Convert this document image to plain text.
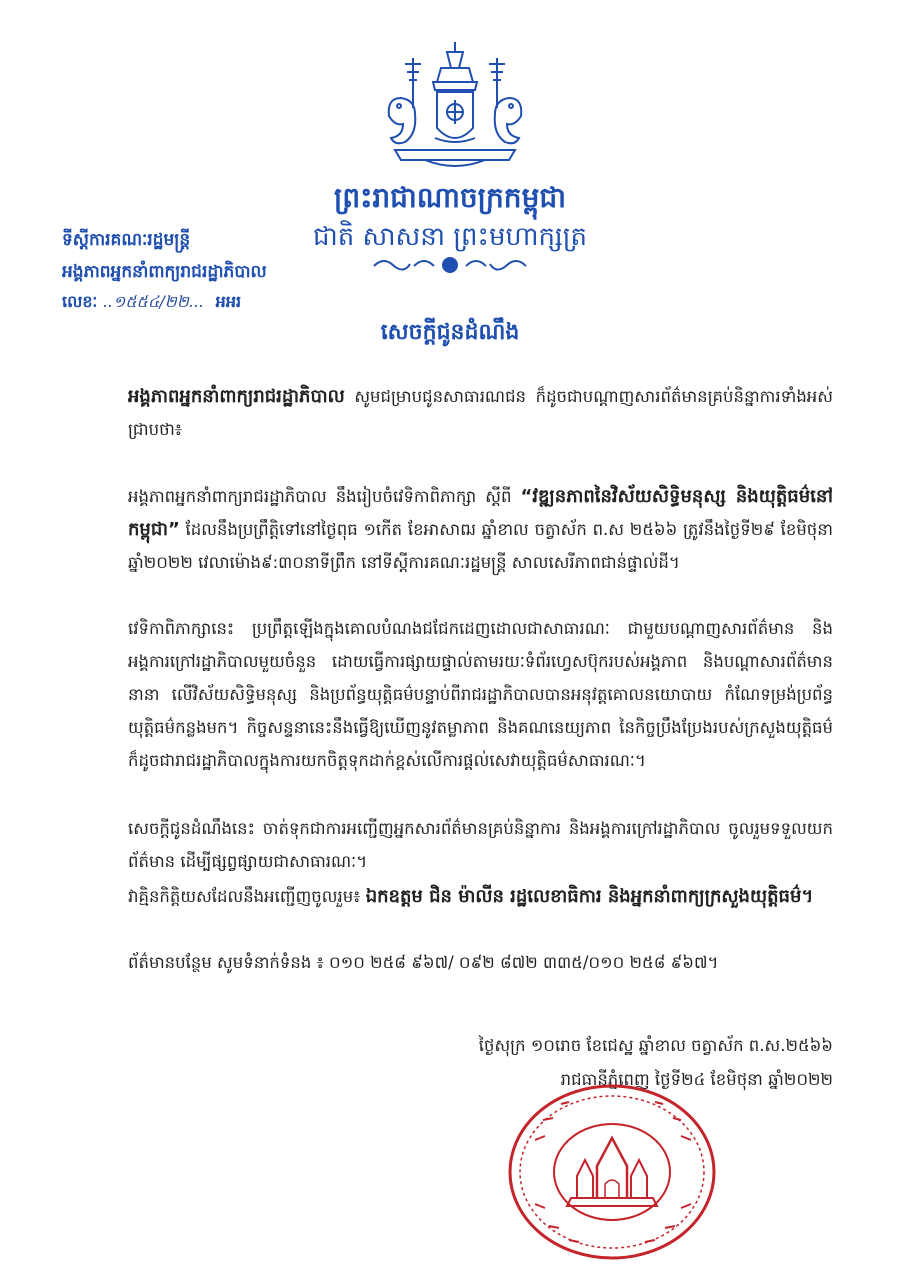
ព្រះរាជាណាចក្រកម្ពុជា
ជាតិ សាសនា ព្រះមហាក្សត្រ
ទីស្តីការគណៈរដ្ឋមន្ត្រី
អង្គភាពអ្នកនាំពាក្យរាជរដ្ឋាភិបាល
លេខៈ ..១៥៥៤/២២... អអរ
សេចក្តីជូនដំណឹង
អង្គភាពអ្នកនាំពាក្យរាជរដ្ឋាភិបាល សូមជម្រាបជូនសាធារណជន ក៏ដូចជាបណ្តាញសារព័ត៌មានគ្រប់និន្នាការទាំងអស់ជ្រាបថា៖
អង្គភាពអ្នកនាំពាក្យរាជរដ្ឋាភិបាល នឹងរៀបចំវេទិកាពិភាក្សា ស្តីពី “វឌ្ឍនភាពនៃវិស័យសិទ្ធិមនុស្ស និងយុត្តិធម៌នៅកម្ពុជា” ដែលនឹងប្រព្រឹត្តិទៅនៅថ្ងៃពុធ ១កើត ខែអាសាឍ ឆ្នាំខាល ចត្វាស័ក ព.ស ២៥៦៦ ត្រូវនឹងថ្ងៃទី២៩ ខែមិថុនា ឆ្នាំ២០២២ វេលាម៉ោង៩:៣០នាទីព្រឹក នៅទីស្តីការគណៈរដ្ឋមន្ត្រី សាលសេរីភាពជាន់ផ្ទាល់ដី។
វេទិកាពិភាក្សានេះ ប្រព្រឹត្តឡើងក្នុងគោលបំណងជជែកដេញដោលជាសាធារណៈ ជាមួយបណ្តាញសារព័ត៌មាន និងអង្គការក្រៅរដ្ឋាភិបាលមួយចំនួន ដោយធ្វើការផ្សាយផ្ទាល់តាមរយៈទំព័រហ្វេសប៊ុករបស់អង្គភាព និងបណ្តាសារព័ត៌មាននានា លើវិស័យសិទ្ធិមនុស្ស និងប្រព័ន្ធយុត្តិធម៌បន្ទាប់ពីរាជរដ្ឋាភិបាលបានអនុវត្តគោលនយោបាយ កំណែទម្រង់ប្រព័ន្ធយុត្តិធម៌កន្លងមក។ កិច្ចសន្ទនានេះនឹងធ្វើឱ្យឃើញនូវតម្លាភាព និងគណនេយ្យភាព នៃកិច្ចប្រឹងប្រែងរបស់ក្រសួងយុត្តិធម៌ ក៏ដូចជារាជរដ្ឋាភិបាលក្នុងការយកចិត្តទុកដាក់ខ្ពស់លើការផ្តល់សេវាយុត្តិធម៌សាធារណៈ។
សេចក្តីជូនដំណឹងនេះ ចាត់ទុកជាការអញ្ជើញអ្នកសារព័ត៌មានគ្រប់និន្នាការ និងអង្គការក្រៅរដ្ឋាភិបាល ចូលរួមទទួលយកព័ត៌មាន ដើម្បីផ្សព្វផ្សាយជាសាធារណៈ។
វាគ្មិនកិត្តិយសដែលនឹងអញ្ជើញចូលរួម៖ ឯកឧត្តម ជិន ម៉ាលីន រដ្ឋលេខាធិការ និងអ្នកនាំពាក្យក្រសួងយុត្តិធម៌។
ព័ត៌មានបន្ថែម សូមទំនាក់ទំនង ៖ ០១០ ២៥៨ ៩៦៧/ ០៩២ ៨៧២ ៣៣៥/០១០ ២៥៨ ៩៦៧។
ថ្ងៃសុក្រ ១០រោច ខែជេស្ឋ ឆ្នាំខាល ចត្វាស័ក ព.ស.២៥៦៦
រាជធានីភ្នំពេញ ថ្ងៃទី២៤ ខែមិថុនា ឆ្នាំ២០២២
